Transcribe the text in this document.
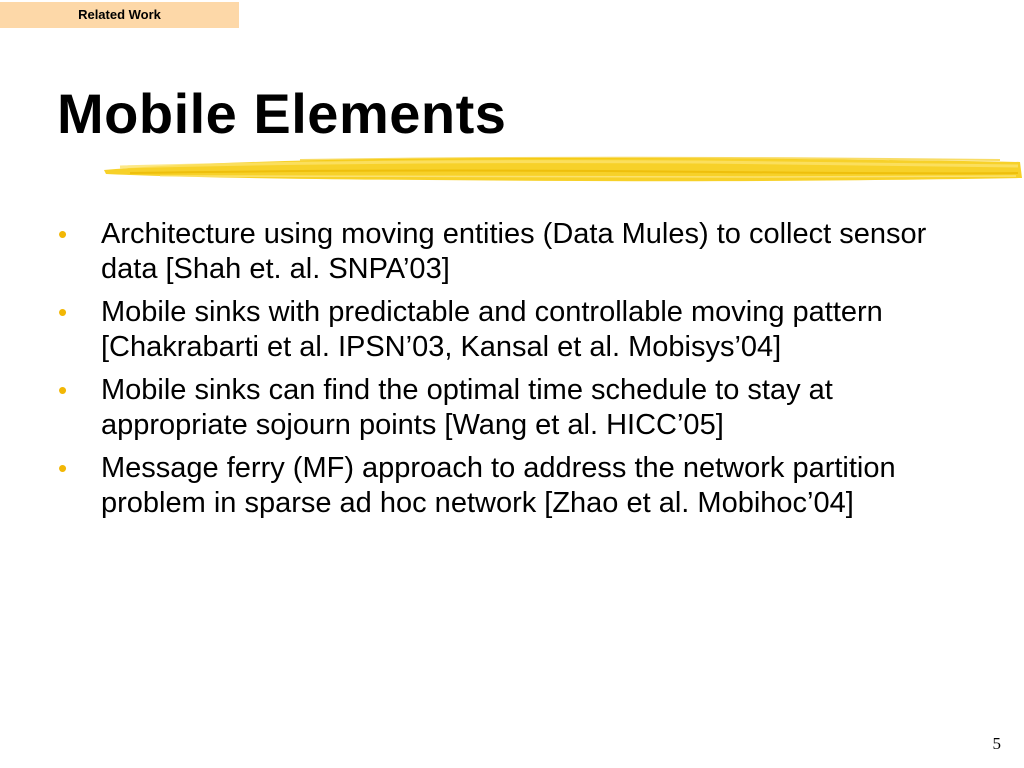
Related Work
Mobile Elements
•	Architecture using moving entities (Data Mules) to collect sensor data [Shah et. al. SNPA’03]
•	Mobile sinks with predictable and controllable moving pattern [Chakrabarti et al. IPSN’03, Kansal et al. Mobisys’04]
•	Mobile sinks can find the optimal time schedule to stay at appropriate sojourn points [Wang et al. HICC’05]
•	Message ferry (MF) approach to address the network partition problem in sparse ad hoc network [Zhao et al. Mobihoc’04]
5
